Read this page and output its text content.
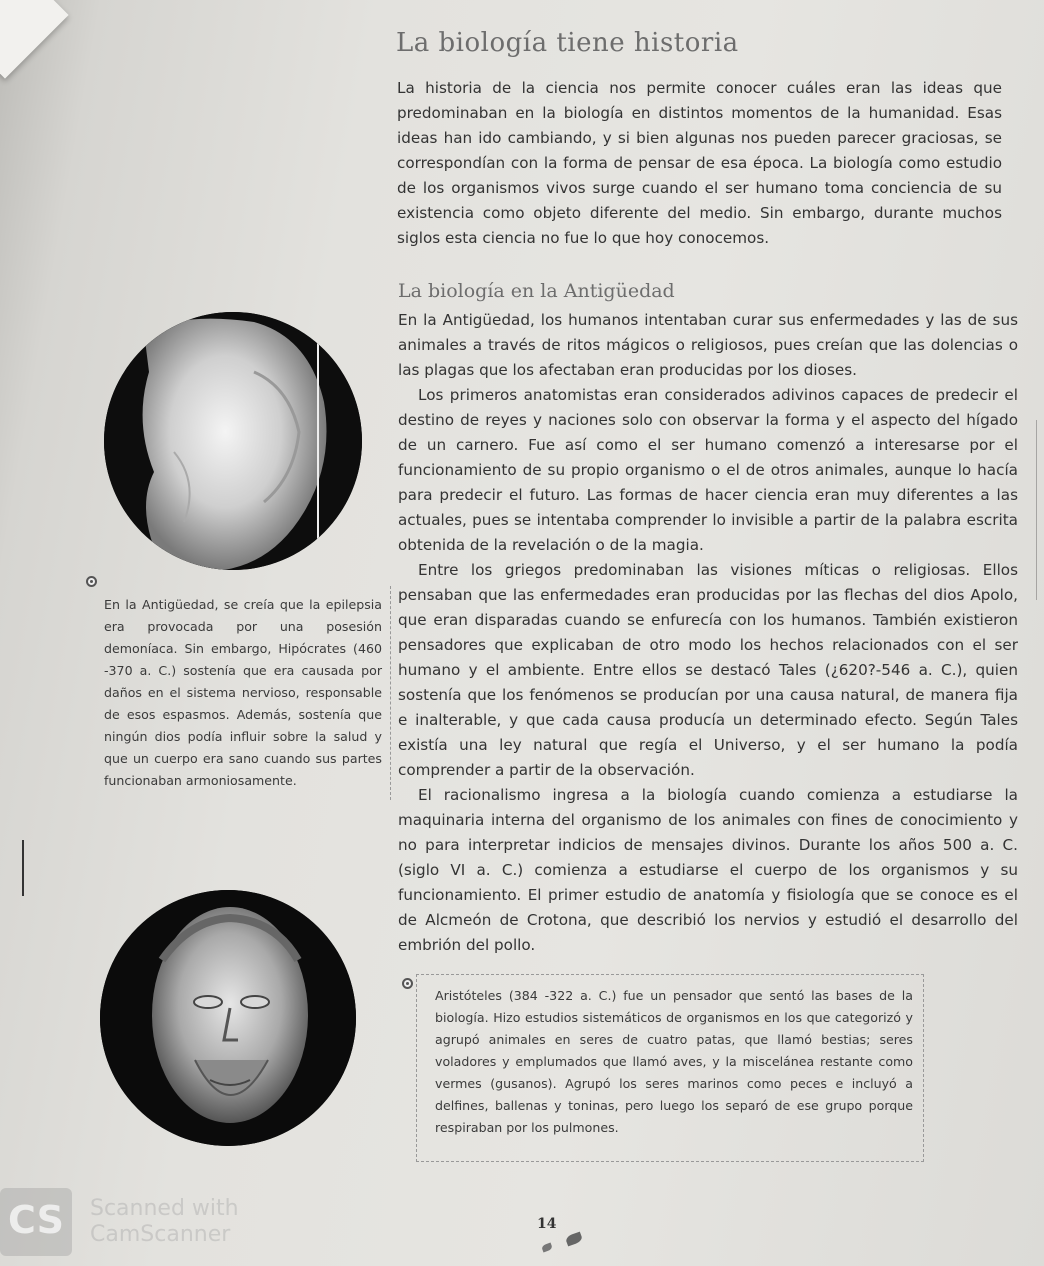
La biología tiene historia

La historia de la ciencia nos permite conocer cuáles eran las ideas que predominaban en la biología en distintos momentos de la humanidad. Esas ideas han ido cambiando, y si bien algunas nos pueden parecer graciosas, se correspondían con la forma de pensar de esa época. La biología como estudio de los organismos vivos surge cuando el ser humano toma conciencia de su existencia como objeto diferente del medio. Sin embargo, durante muchos siglos esta ciencia no fue lo que hoy conocemos.

La biología en la Antigüedad

En la Antigüedad, los humanos intentaban curar sus enfermedades y las de sus animales a través de ritos mágicos o religiosos, pues creían que las dolencias o las plagas que los afectaban eran producidas por los dioses.

Los primeros anatomistas eran considerados adivinos capaces de predecir el destino de reyes y naciones solo con observar la forma y el aspecto del hígado de un carnero. Fue así como el ser humano comenzó a interesarse por el funcionamiento de su propio organismo o el de otros animales, aunque lo hacía para predecir el futuro. Las formas de hacer ciencia eran muy diferentes a las actuales, pues se intentaba comprender lo invisible a partir de la palabra escrita obtenida de la revelación o de la magia.

Entre los griegos predominaban las visiones míticas o religiosas. Ellos pensaban que las enfermedades eran producidas por las flechas del dios Apolo, que eran disparadas cuando se enfurecía con los humanos. También existieron pensadores que explicaban de otro modo los hechos relacionados con el ser humano y el ambiente. Entre ellos se destacó Tales (¿620?-546 a. C.), quien sostenía que los fenómenos se producían por una causa natural, de manera fija e inalterable, y que cada causa producía un determinado efecto. Según Tales existía una ley natural que regía el Universo, y el ser humano la podía comprender a partir de la observación.

El racionalismo ingresa a la biología cuando comienza a estudiarse la maquinaria interna del organismo de los animales con fines de conocimiento y no para interpretar indicios de mensajes divinos. Durante los años 500 a. C. (siglo VI a. C.) comienza a estudiarse el cuerpo de los organismos y su funcionamiento. El primer estudio de anatomía y fisiología que se conoce es el de Alcmeón de Crotona, que describió los nervios y estudió el desarrollo del embrión del pollo.

En la Antigüedad, se creía que la epilepsia era provocada por una posesión demoníaca. Sin embargo, Hipócrates (460 -370 a. C.) sostenía que era causada por daños en el sistema nervioso, responsable de esos espasmos. Además, sostenía que ningún dios podía influir sobre la salud y que un cuerpo era sano cuando sus partes funcionaban armoniosamente.
Aristóteles (384 -322 a. C.) fue un pensador que sentó las bases de la biología. Hizo estudios sistemáticos de organismos en los que categorizó y agrupó animales en seres de cuatro patas, que llamó bestias; seres voladores y emplumados que llamó aves, y la miscelánea restante como vermes (gusanos). Agrupó los seres marinos como peces e incluyó a delfines, ballenas y toninas, pero luego los separó de ese grupo porque respiraban por los pulmones.
14
CS	Scanned with
CamScanner
